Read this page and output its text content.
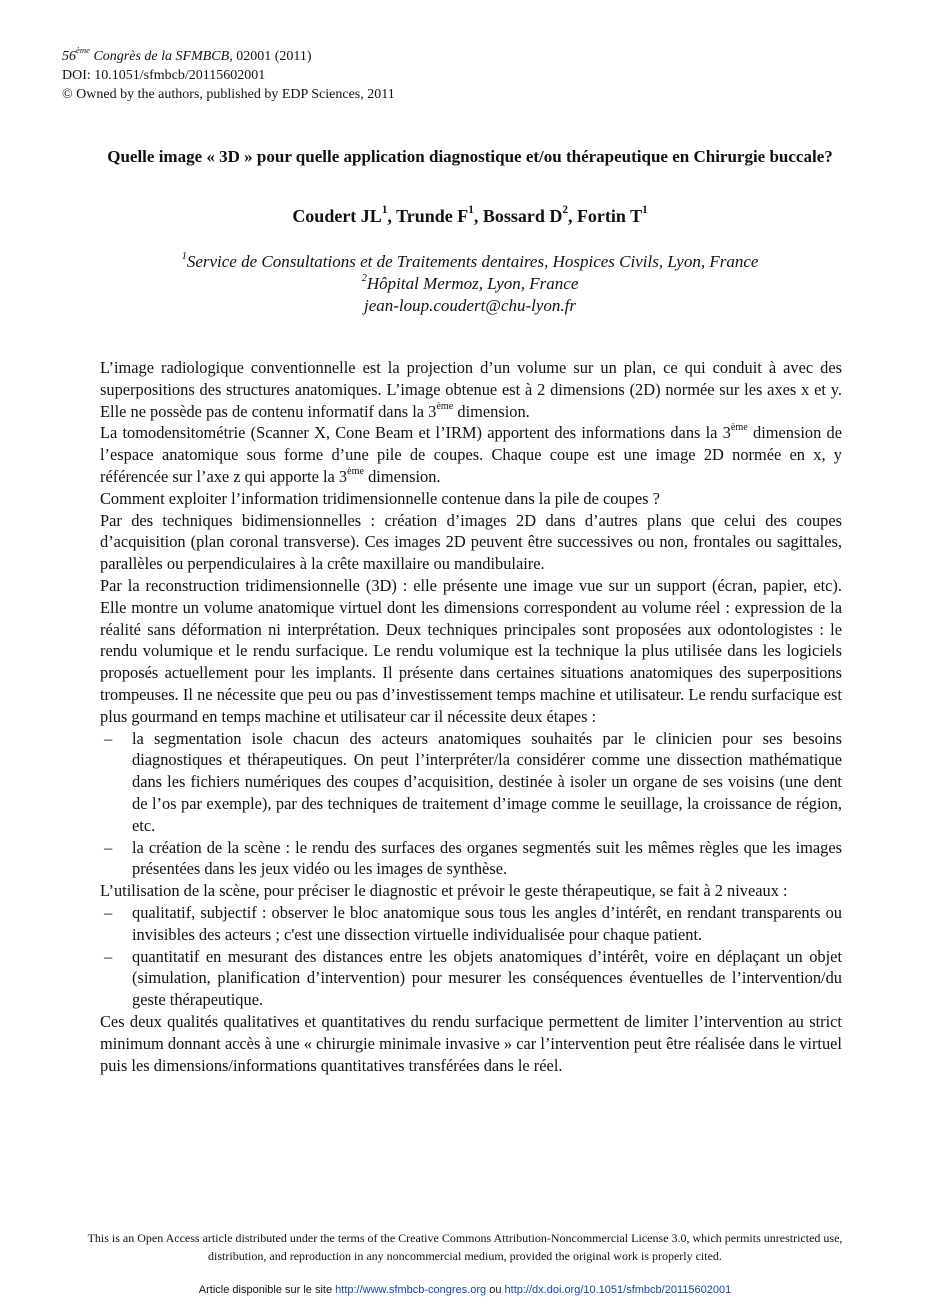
56ème Congrès de la SFMBCB, 02001 (2011)
DOI: 10.1051/sfmbcb/20115602001
© Owned by the authors, published by EDP Sciences, 2011
Quelle image « 3D » pour quelle application diagnostique et/ou thérapeutique en Chirurgie buccale?
Coudert $JL^1$, Trunde $F^1$, Bossard $D^2$, Fortin $T^1$
$^1$Service de Consultations et de Traitements dentaires, Hospices Civils, Lyon, France
$^2$Hôpital Mermoz, Lyon, France
jean-loup.coudert@chu-lyon.fr

L’image radiologique conventionnelle est la projection d’un volume sur un plan, ce qui conduit à avec des superpositions des structures anatomiques. L’image obtenue est à 2 dimensions (2D) normée sur les axes x et y. Elle ne possède pas de contenu informatif dans la 3ème dimension.

La tomodensitométrie (Scanner X, Cone Beam et l’IRM) apportent des informations dans la 3ème dimension de l’espace anatomique sous forme d’une pile de coupes. Chaque coupe est une image 2D normée en x, y référencée sur l’axe z qui apporte la 3ème dimension.

Comment exploiter l’information tridimensionnelle contenue dans la pile de coupes ?

Par des techniques bidimensionnelles : création d’images 2D dans d’autres plans que celui des coupes d’acquisition (plan coronal transverse). Ces images 2D peuvent être successives ou non, frontales ou sagittales, parallèles ou perpendiculaires à la crête maxillaire ou mandibulaire.

Par la reconstruction tridimensionnelle (3D) : elle présente une image vue sur un support (écran, papier, etc). Elle montre un volume anatomique virtuel dont les dimensions correspondent au volume réel : expression de la réalité sans déformation ni interprétation. Deux techniques principales sont proposées aux odontologistes : le rendu volumique et le rendu surfacique. Le rendu volumique est la technique la plus utilisée dans les logiciels proposés actuellement pour les implants. Il présente dans certaines situations anatomiques des superpositions trompeuses. Il ne nécessite que peu ou pas d’investissement temps machine et utilisateur. Le rendu surfacique est plus gourmand en temps machine et utilisateur car il nécessite deux étapes :

– la segmentation isole chacun des acteurs anatomiques souhaités par le clinicien pour ses besoins diagnostiques et thérapeutiques. On peut l’interpréter/la considérer comme une dissection mathématique dans les fichiers numériques des coupes d’acquisition, destinée à isoler un organe de ses voisins (une dent de l’os par exemple), par des techniques de traitement d’image comme le seuillage, la croissance de région, etc.
– la création de la scène : le rendu des surfaces des organes segmentés suit les mêmes règles que les images présentées dans les jeux vidéo ou les images de synthèse.

L’utilisation de la scène, pour préciser le diagnostic et prévoir le geste thérapeutique, se fait à 2 niveaux :

– qualitatif, subjectif : observer le bloc anatomique sous tous les angles d’intérêt, en rendant transparents ou invisibles des acteurs ; c'est une dissection virtuelle individualisée pour chaque patient.
– quantitatif en mesurant des distances entre les objets anatomiques d’intérêt, voire en déplaçant un objet (simulation, planification d’intervention) pour mesurer les conséquences éventuelles de l’intervention/du geste thérapeutique.

Ces deux qualités qualitatives et quantitatives du rendu surfacique permettent de limiter l’intervention au strict minimum donnant accès à une « chirurgie minimale invasive » car l’intervention peut être réalisée dans le virtuel puis les dimensions/informations quantitatives transférées dans le réel.

This is an Open Access article distributed under the terms of the Creative Commons Attribution-Noncommercial License 3.0, which permits unrestricted use, distribution, and reproduction in any noncommercial medium, provided the original work is properly cited.
Article disponible sur le site http://www.sfmbcb-congres.org ou http://dx.doi.org/10.1051/sfmbcb/20115602001
